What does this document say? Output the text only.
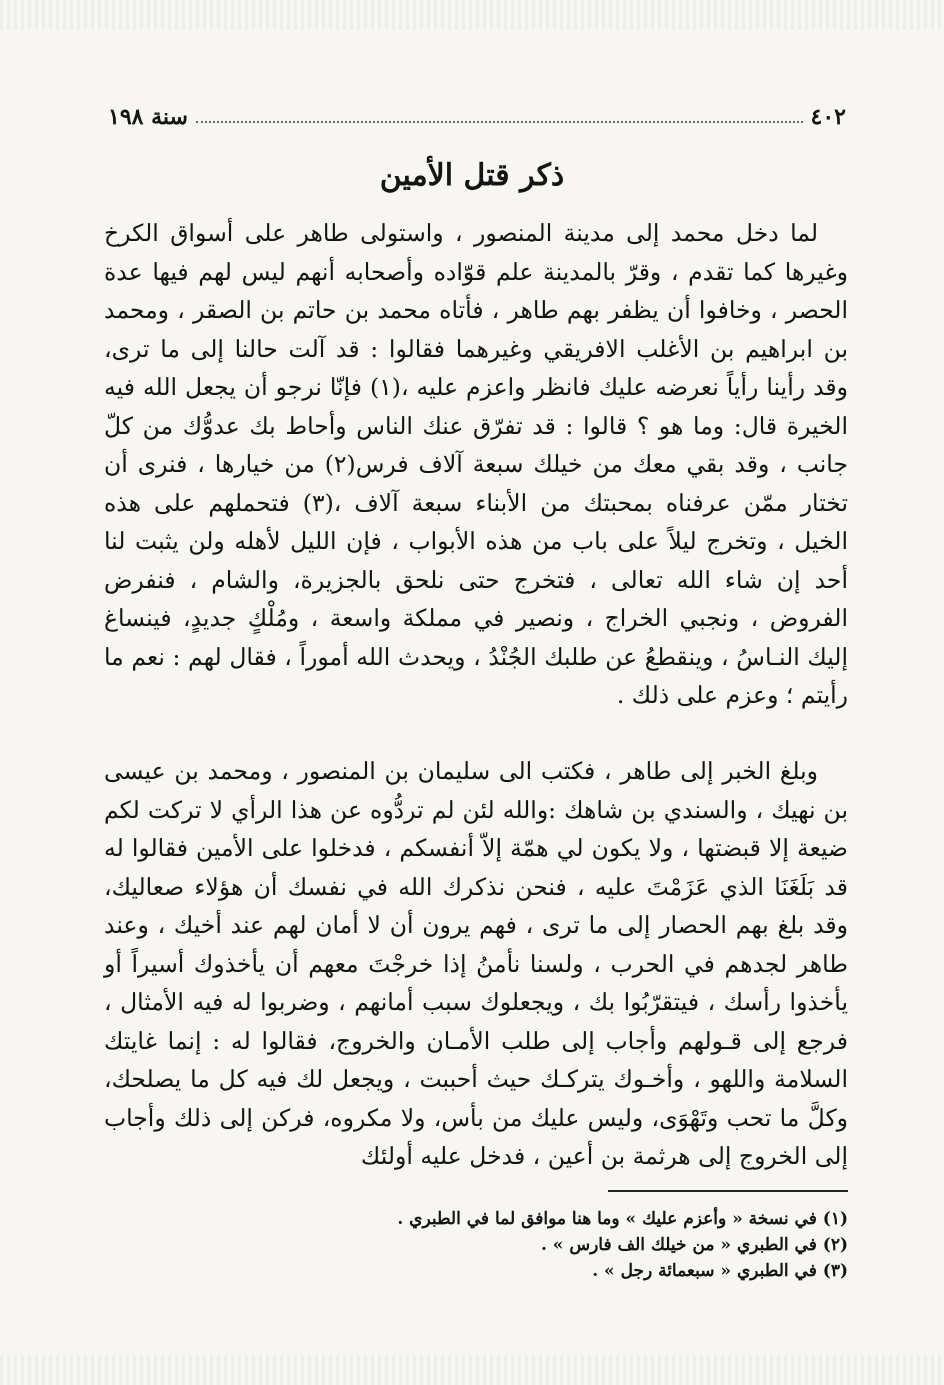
٤٠٢
سنة ١٩٨
ذكر قتل الأمين

لما دخل محمد إلى مدينة المنصور ، واستولى طاهر على أسواق الكرخ وغيرها كما تقدم ، وقرّ بالمدينة علم قوّاده وأصحابه أنهم ليس لهم فيها عدة الحصر ، وخافوا أن يظفر بهم طاهر ، فأتاه محمد بن حاتم بن الصقر ، ومحمد بن ابراهيم بن الأغلب الافريقي وغيرهما فقالوا : قد آلت حالنا إلى ما ترى، وقد رأينا رأياً نعرضه عليك فانظر واعزم عليه ،(١) فإنّا نرجو أن يجعل الله فيه الخيرة قال: وما هو ؟ قالوا : قد تفرّق عنك الناس وأحاط بك عدوُّك من كلّ جانب ، وقد بقي معك من خيلك سبعة آلاف فرس(٢) من خيارها ، فنرى أن تختار ممّن عرفناه بمحبتك من الأبناء سبعة آلاف ،(٣) فتحملهم على هذه الخيل ، وتخرج ليلاً على باب من هذه الأبواب ، فإن الليل لأهله ولن يثبت لنا أحد إن شاء الله تعالى ، فتخرج حتى نلحق بالجزيرة، والشام ، فنفرض الفروض ، ونجبي الخراج ، ونصير في مملكة واسعة ، ومُلْكٍ جديدٍ، فينساغ إليك النـاسُ ، وينقطعُ عن طلبك الجُنْدُ ، ويحدث الله أموراً ، فقال لهم : نعم ما رأيتم ؛ وعزم على ذلك .

وبلغ الخبر إلى طاهر ، فكتب الى سليمان بن المنصور ، ومحمد بن عيسى بن نهيك ، والسندي بن شاهك :والله لئن لم تردُّوه عن هذا الرأي لا تركت لكم ضيعة إلا قبضتها ، ولا يكون لي همّة إلاّ أنفسكم ، فدخلوا على الأمين فقالوا له قد بَلَغَنَا الذي عَزَمْتَ عليه ، فنحن نذكرك الله في نفسك أن هؤلاء صعاليك، وقد بلغ بهم الحصار إلى ما ترى ، فهم يرون أن لا أمان لهم عند أخيك ، وعند طاهر لجدهم في الحرب ، ولسنا نأمنُ إذا خرجْتَ معهم أن يأخذوك أسيراً أو يأخذوا رأسك ، فيتقرّبُوا بك ، ويجعلوك سبب أمانهم ، وضربوا له فيه الأمثال ، فرجع إلى قـولهم وأجاب إلى طلب الأمـان والخروج، فقالوا له : إنما غايتك السلامة واللهو ، وأخـوك يتركـك حيث أحببت ، ويجعل لك فيه كل ما يصلحك، وكلَّ ما تحب وتَهْوَى، وليس عليك من بأس، ولا مكروه، فركن إلى ذلك وأجاب إلى الخروج إلى هرثمة بن أعين ، فدخل عليه أولئك

(١) في نسخة « وأعزم عليك » وما هنا موافق لما في الطبري .
(٢) في الطبري « من خيلك الف فارس » .
(٣) في الطبري « سبعمائة رجل » .
